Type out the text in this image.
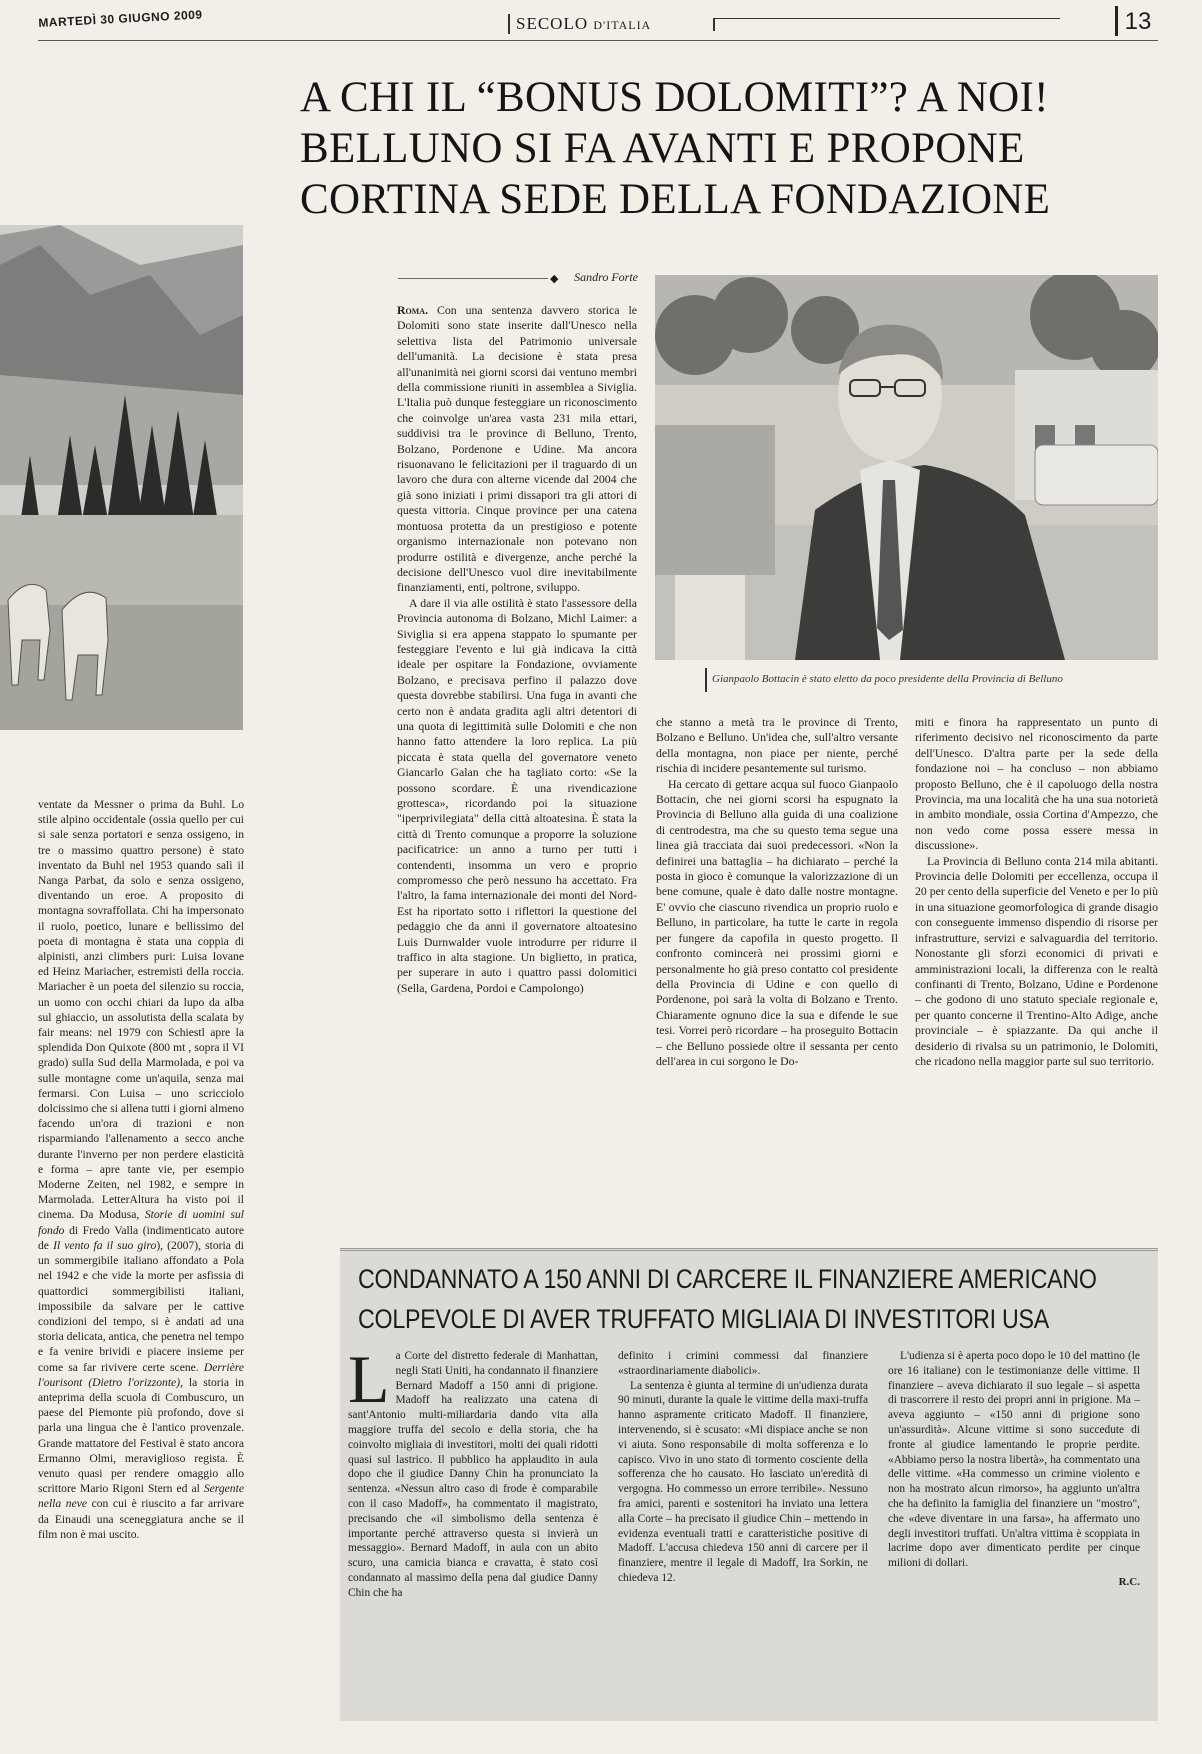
MARTEDÌ 30 GIUGNO 2009	SECOLO D'ITALIA	13
A CHI IL “BONUS DOLOMITI”? A NOI!
BELLUNO SI FA AVANTI E PROPONE
CORTINA SEDE DELLA FONDAZIONE
◆ Sandro Forte
Gianpaolo Bottacin è stato eletto da poco presidente della Provincia di Belluno

ventate da Messner o prima da Buhl. Lo stile alpino occidentale (ossia quello per cui si sale senza portatori e senza ossigeno, in tre o massimo quattro persone) è stato inventato da Buhl nel 1953 quando salì il Nanga Parbat, da solo e senza ossigeno, diventando un eroe. A proposito di montagna sovraffollata. Chi ha impersonato il ruolo, poetico, lunare e bellissimo del poeta di montagna è stata una coppia di alpinisti, anzi climbers puri: Luisa Iovane ed Heinz Mariacher, estremisti della roccia. Mariacher è un poeta del silenzio su roccia, un uomo con occhi chiari da lupo da alba sul ghiaccio, un assolutista della scalata by fair means: nel 1979 con Schiestl apre la splendida Don Quixote (800 mt , sopra il VI grado) sulla Sud della Marmolada, e poi va sulle montagne come un'aquila, senza mai fermarsi. Con Luisa – uno scricciolo dolcissimo che si allena tutti i giorni almeno facendo un'ora di trazioni e non risparmiando l'allenamento a secco anche durante l'inverno per non perdere elasticità e forma – apre tante vie, per esempio Moderne Zeiten, nel 1982, e sempre in Marmolada. LetterAltura ha visto poi il cinema. Da Modusa, Storie di uomini sul fondo di Fredo Valla (indimenticato autore de Il vento fa il suo giro), (2007), storia di un sommergibile italiano affondato a Pola nel 1942 e che vide la morte per asfissia di quattordici sommergibilisti italiani, impossibile da salvare per le cattive condizioni del tempo, si è andati ad una storia delicata, antica, che penetra nel tempo e fa venire brividi e piacere insieme per come sa far rivivere certe scene. Derrière l'ourisont (Dietro l'orizzonte), la storia in anteprima della scuola di Combuscuro, un paese del Piemonte più profondo, dove si parla una lingua che è l'antico provenzale. Grande mattatore del Festival è stato ancora Ermanno Olmi, meraviglioso regista. È venuto quasi per rendere omaggio allo scrittore Mario Rigoni Stern ed al Sergente nella neve con cui è riuscito a far arrivare da Einaudi una sceneggiatura anche se il film non è mai uscito.

Roma. Con una sentenza davvero storica le Dolomiti sono state inserite dall'Unesco nella selettiva lista del Patrimonio universale dell'umanità. La decisione è stata presa all'unanimità nei giorni scorsi dai ventuno membri della commissione riuniti in assemblea a Siviglia. L'Italia può dunque festeggiare un riconoscimento che coinvolge un'area vasta 231 mila ettari, suddivisi tra le province di Belluno, Trento, Bolzano, Pordenone e Udine. Ma ancora risuonavano le felicitazioni per il traguardo di un lavoro che dura con alterne vicende dal 2004 che già sono iniziati i primi dissapori tra gli attori di questa vittoria. Cinque province per una catena montuosa protetta da un prestigioso e potente organismo internazionale non potevano non produrre ostilità e divergenze, anche perché la decisione dell'Unesco vuol dire inevitabilmente finanziamenti, enti, poltrone, sviluppo.

A dare il via alle ostilità è stato l'assessore della Provincia autonoma di Bolzano, Michl Laimer: a Siviglia si era appena stappato lo spumante per festeggiare l'evento e lui già indicava la città ideale per ospitare la Fondazione, ovviamente Bolzano, e precisava perfino il palazzo dove questa dovrebbe stabilirsi. Una fuga in avanti che certo non è andata gradita agli altri detentori di una quota di legittimità sulle Dolomiti e che non hanno fatto attendere la loro replica. La più piccata è stata quella del governatore veneto Giancarlo Galan che ha tagliato corto: «Se la possono scordare. È una rivendicazione grottesca», ricordando poi la situazione "iperprivilegiata" della città altoatesina. È stata la città di Trento comunque a proporre la soluzione pacificatrice: un anno a turno per tutti i contendenti, insomma un vero e proprio compromesso che però nessuno ha accettato. Fra l'altro, la fama internazionale dei monti del Nord-Est ha riportato sotto i riflettori la questione del pedaggio che da anni il governatore altoatesino Luis Durnwalder vuole introdurre per ridurre il traffico in alta stagione. Un biglietto, in pratica, per superare in auto i quattro passi dolomitici (Sella, Gardena, Pordoi e Campolongo)

che stanno a metà tra le province di Trento, Bolzano e Belluno. Un'idea che, sull'altro versante della montagna, non piace per niente, perché rischia di incidere pesantemente sul turismo.

Ha cercato di gettare acqua sul fuoco Gianpaolo Bottacin, che nei giorni scorsi ha espugnato la Provincia di Belluno alla guida di una coalizione di centrodestra, ma che su questo tema segue una linea già tracciata dai suoi predecessori. «Non la definirei una battaglia – ha dichiarato – perché la posta in gioco è comunque la valorizzazione di un bene comune, quale è dato dalle nostre montagne. E' ovvio che ciascuno rivendica un proprio ruolo e Belluno, in particolare, ha tutte le carte in regola per fungere da capofila in questo progetto. Il confronto comincerà nei prossimi giorni e personalmente ho già preso contatto col presidente della Provincia di Udine e con quello di Pordenone, poi sarà la volta di Bolzano e Trento. Chiaramente ognuno dice la sua e difende le sue tesi. Vorrei però ricordare – ha proseguito Bottacin – che Belluno possiede oltre il sessanta per cento dell'area in cui sorgono le Do-

miti e finora ha rappresentato un punto di riferimento decisivo nel riconoscimento da parte dell'Unesco. D'altra parte per la sede della fondazione noi – ha concluso – non abbiamo proposto Belluno, che è il capoluogo della nostra Provincia, ma una località che ha una sua notorietà in ambito mondiale, ossia Cortina d'Ampezzo, che non vedo come possa essere messa in discussione».

La Provincia di Belluno conta 214 mila abitanti. Provincia delle Dolomiti per eccellenza, occupa il 20 per cento della superficie del Veneto e per lo più in una situazione geomorfologica di grande disagio con conseguente immenso dispendio di risorse per infrastrutture, servizi e salvaguardia del territorio. Nonostante gli sforzi economici di privati e amministrazioni locali, la differenza con le realtà confinanti di Trento, Bolzano, Udine e Pordenone – che godono di uno statuto speciale regionale e, per quanto concerne il Trentino-Alto Adige, anche provinciale – è spiazzante. Da qui anche il desiderio di rivalsa su un patrimonio, le Dolomiti, che ricadono nella maggior parte sul suo territorio.

CONDANNATO A 150 ANNI DI CARCERE IL FINANZIERE AMERICANO
COLPEVOLE DI AVER TRUFFATO MIGLIAIA DI INVESTITORI USA

La Corte del distretto federale di Manhattan, negli Stati Uniti, ha condannato il finanziere Bernard Madoff a 150 anni di prigione. Madoff ha realizzato una catena di sant'Antonio multi-miliardaria dando vita alla maggiore truffa del secolo e della storia, che ha coinvolto migliaia di investitori, molti dei quali ridotti quasi sul lastrico. Il pubblico ha applaudito in aula dopo che il giudice Danny Chin ha pronunciato la sentenza. «Nessun altro caso di frode è comparabile con il caso Madoff», ha commentato il magistrato, precisando che «il simbolismo della sentenza è importante perché attraverso questa si invierà un messaggio». Bernard Madoff, in aula con un abito scuro, una camicia bianca e cravatta, è stato così condannato al massimo della pena dal giudice Danny Chin che ha

definito i crimini commessi dal finanziere «straordinariamente diabolici».

La sentenza è giunta al termine di un'udienza durata 90 minuti, durante la quale le vittime della maxi-truffa hanno aspramente criticato Madoff. Il finanziere, intervenendo, si è scusato: «Mi dispiace anche se non vi aiuta. Sono responsabile di molta sofferenza e lo capisco. Vivo in uno stato di tormento cosciente della sofferenza che ho causato. Ho lasciato un'eredità di vergogna. Ho commesso un errore terribile». Nessuno fra amici, parenti e sostenitori ha inviato una lettera alla Corte – ha precisato il giudice Chin – mettendo in evidenza eventuali tratti e caratteristiche positive di Madoff. L'accusa chiedeva 150 anni di carcere per il finanziere, mentre il legale di Madoff, Ira Sorkin, ne chiedeva 12.

L'udienza si è aperta poco dopo le 10 del mattino (le ore 16 italiane) con le testimonianze delle vittime. Il finanziere – aveva dichiarato il suo legale – si aspetta di trascorrere il resto dei propri anni in prigione. Ma – aveva aggiunto – «150 anni di prigione sono un'assurdità». Alcune vittime si sono succedute di fronte al giudice lamentando le proprie perdite. «Abbiamo perso la nostra libertà», ha commentato una delle vittime. «Ha commesso un crimine violento e non ha mostrato alcun rimorso», ha aggiunto un'altra che ha definito la famiglia del finanziere un "mostro", che «deve diventare in una farsa», ha affermato uno degli investitori truffati. Un'altra vittima è scoppiata in lacrime dopo aver dimenticato perdite per cinque milioni di dollari.

R.C.
